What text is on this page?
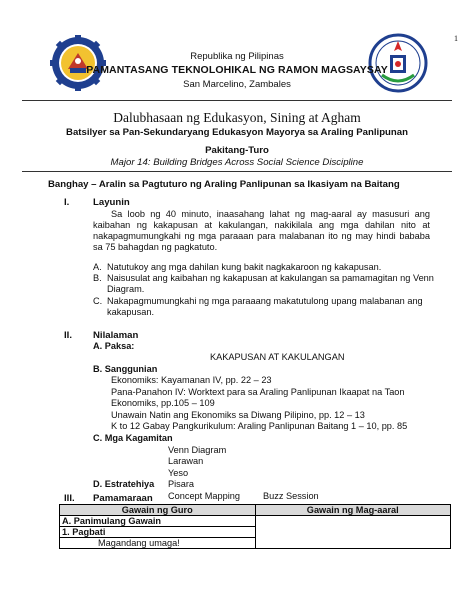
1
Republika ng Pilipinas
PAMANTASANG TEKNOLOHIKAL NG RAMON MAGSAYSAY
San Marcelino, Zambales
Dalubhasaan ng Edukasyon, Sining at Agham
Batsilyer sa Pan-Sekundaryang Edukasyon Mayorya sa Araling Panlipunan
Pakitang-Turo
Major 14: Building Bridges Across Social Science Discipline
Banghay – Aralin sa Pagtuturo ng Araling Panlipunan sa Ikasiyam na Baitang
I. Layunin
Sa loob ng 40 minuto, inaasahang lahat ng mag-aaral ay masusuri ang kaibahan ng kakapusan at kakulangan, nakikilala ang mga dahilan nito at nakapagmumungkahi ng mga paraaan para malabanan ito ng may hindi bababa sa 75 bahagdan ng pagkatuto.
A. Natutukoy ang mga dahilan kung bakit nagkakaroon ng kakapusan.
B. Naisusulat ang kaibahan ng kakapusan at kakulangan sa pamamagitan ng Venn Diagram.
C. Nakapagmumungkahi ng mga paraaang makatutulong upang malabanan ang kakapusan.
II. Nilalaman
A. Paksa:
KAKAPUSAN AT KAKULANGAN
B. Sanggunian
Ekonomiks: Kayamanan IV, pp. 22 – 23
Pana-Panahon IV: Worktext para sa Araling Panlipunan Ikaapat na Taon
Ekonomiks, pp.105 – 109
Unawain Natin ang Ekonomiks sa Diwang Pilipino, pp. 12 – 13
K to 12 Gabay Pangkurikulum: Araling Panlipunan Baitang 1 – 10, pp. 85
C. Mga Kagamitan
Venn Diagram
Larawan
Yeso
Pisara
D. Estratehiya
Concept Mapping Buzz Session
III. Pamamaraan
Gawain ng Guro	Gawain ng Mag-aaral
A. Panimulang Gawain	
1. Pagbati	
Magandang umaga!	
